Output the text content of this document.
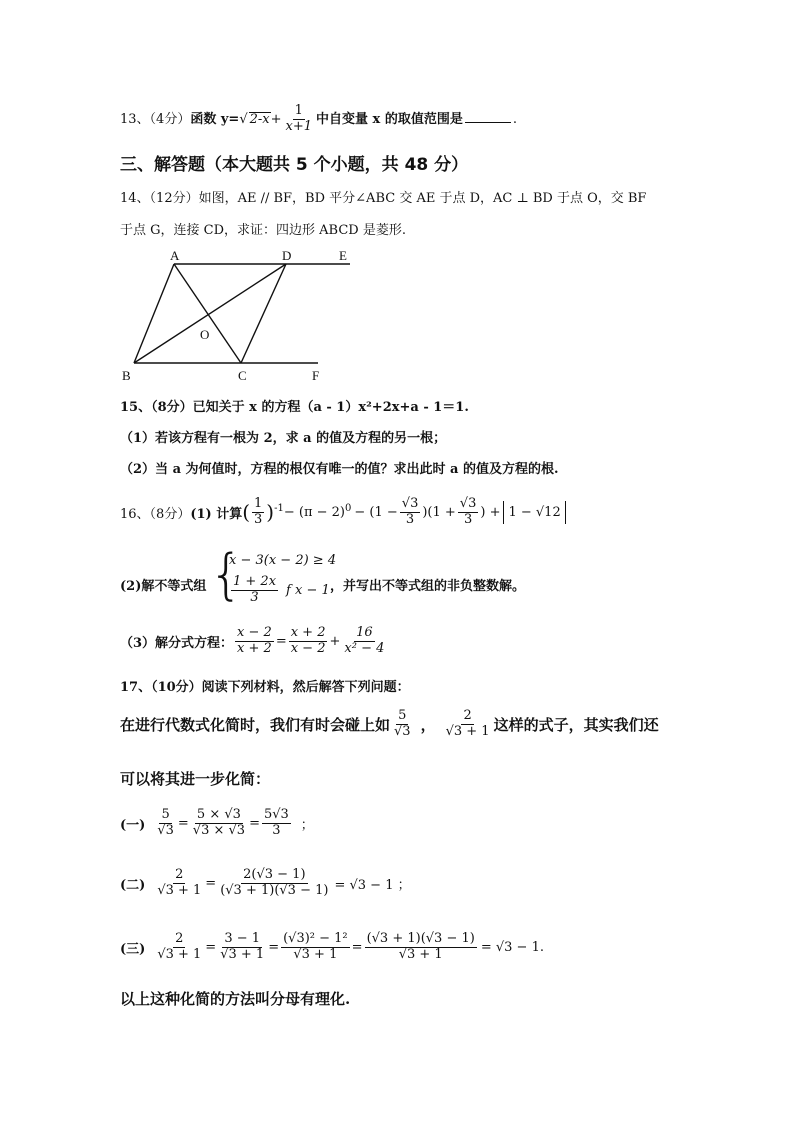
13、（4分）函数 y=√ $2-x+ \frac{1}{x+1}$ 中自变量 x 的取值范围是	.
三、解答题（本大题共 5 个小题，共 48 分）
14、（12分）如图，AE // BF，BD 平分∠ABC 交 AE 于点 D，AC ⊥ BD 于点 O，交 BF
于点 G，连接 CD，求证：四边形 ABCD 是菱形.
A	D	E
O
B	C	F
15、（8分）已知关于 x 的方程（a - 1）x²+2x+a - 1＝1.
（1）若该方程有一根为 2，求 a 的值及方程的另一根；
（2）当 a 为何值时，方程的根仅有唯一的值？求出此时 a 的值及方程的根.
16、（8分） (1) 计算 ( $\frac{1}{3} )^{-1} - (\pi - 2)^0 - (1 - \frac{√3}{3} )(1 + \frac{√3}{3}$ ) + 1 − √12
(2)解不等式组 {
x − 3(x − 2) ≥ 4
$\frac{1 + 2x}{3}$ f x − 1 ，并写出不等式组的非负整数解。
（3）解分式方程： $\frac{x - 2}{x + 2} = \frac{x + 2}{x - 2} + \frac{16}{\text{x² − 4}}$
17、（10分）阅读下列材料，然后解答下列问题：
在进行代数式化简时，我们有时会碰上如 $\frac{5}{√3}$ ， $\frac{2}{√3 + 1}$ 这样的式子，其实我们还
可以将其进一步化简：
(一) $\frac{5}{√3} = \frac{5 \times √3}{√3 \times √3} = \frac{5√3}{3}$ ；
(二) $\frac{2}{√3 + 1} = \frac{2(√3 - 1)}{(√3 + 1)(√3 - 1)} = √3 - 1$ ；
(三) $\frac{2}{√3 + 1} = \frac{3 - 1}{√3 + 1} = \frac{\text{(√3)² − 1²}}{√3 + 1} = \frac{(√3 + 1)(√3 - 1)}{√3 + 1} = √3 - 1$.
以上这种化简的方法叫分母有理化.
